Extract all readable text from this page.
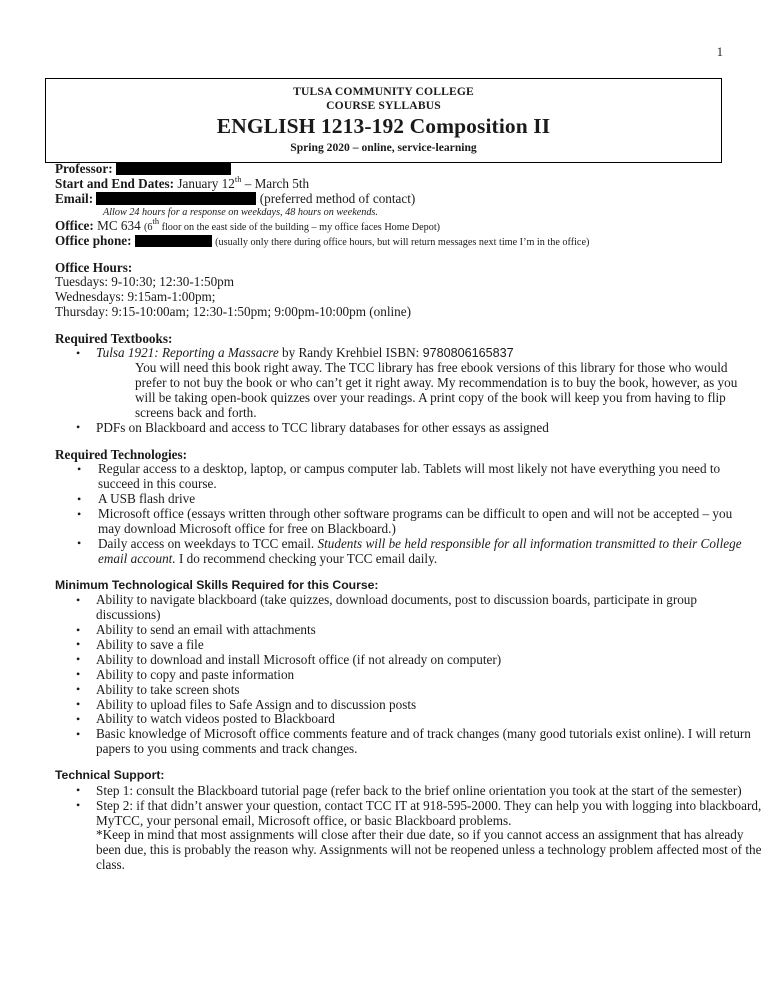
1
TULSA COMMUNITY COLLEGE
COURSE SYLLABUS
ENGLISH 1213-192 Composition II
Spring 2020 – online, service-learning
Professor:
Start and End Dates: January 12th – March 5th
Email:	(preferred method of contact)
Allow 24 hours for a response on weekdays, 48 hours on weekends.
Office: MC 634 (6th floor on the east side of the building – my office faces Home Depot)
Office phone:	(usually only there during office hours, but will return messages next time I’m in the office)
Office Hours:
Tuesdays: 9-10:30; 12:30-1:50pm
Wednesdays: 9:15am-1:00pm;
Thursday: 9:15-10:00am; 12:30-1:50pm; 9:00pm-10:00pm (online)
Required Textbooks:
• Tulsa 1921: Reporting a Massacre by Randy Krehbiel ISBN: 9780806165837
You will need this book right away. The TCC library has free ebook versions of this library for those who would prefer to not buy the book or who can’t get it right away. My recommendation is to buy the book, however, as you will be taking open-book quizzes over your readings. A print copy of the book will keep you from having to flip screens back and forth.
• PDFs on Blackboard and access to TCC library databases for other essays as assigned
Required Technologies:
• Regular access to a desktop, laptop, or campus computer lab. Tablets will most likely not have everything you need to succeed in this course.
• A USB flash drive
• Microsoft office (essays written through other software programs can be difficult to open and will not be accepted – you may download Microsoft office for free on Blackboard.)
• Daily access on weekdays to TCC email. Students will be held responsible for all information transmitted to their College email account. I do recommend checking your TCC email daily.
Minimum Technological Skills Required for this Course:
• Ability to navigate blackboard (take quizzes, download documents, post to discussion boards, participate in group discussions)
• Ability to send an email with attachments
• Ability to save a file
• Ability to download and install Microsoft office (if not already on computer)
• Ability to copy and paste information
• Ability to take screen shots
• Ability to upload files to Safe Assign and to discussion posts
• Ability to watch videos posted to Blackboard
• Basic knowledge of Microsoft office comments feature and of track changes (many good tutorials exist online). I will return papers to you using comments and track changes.
Technical Support:
• Step 1: consult the Blackboard tutorial page (refer back to the brief online orientation you took at the start of the semester)
• Step 2: if that didn’t answer your question, contact TCC IT at 918-595-2000. They can help you with logging into blackboard, MyTCC, your personal email, Microsoft office, or basic Blackboard problems.
*Keep in mind that most assignments will close after their due date, so if you cannot access an assignment that has already been due, this is probably the reason why. Assignments will not be reopened unless a technology problem affected most of the class.
